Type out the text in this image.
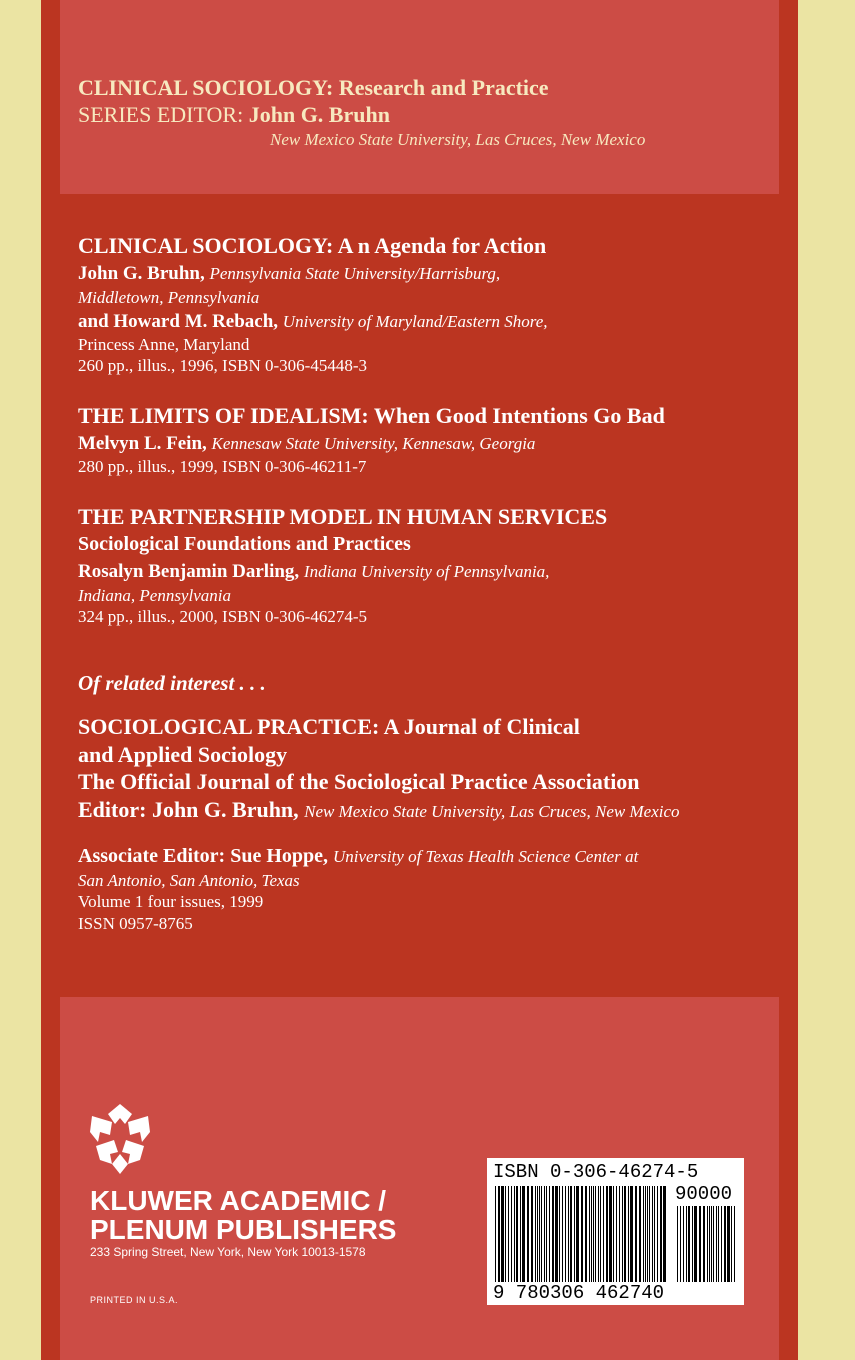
CLINICAL SOCIOLOGY: Research and Practice
SERIES EDITOR: John G. Bruhn
New Mexico State University, Las Cruces, New Mexico
CLINICAL SOCIOLOGY: A n Agenda for Action
John G. Bruhn, Pennsylvania State University/Harrisburg,
Middletown, Pennsylvania
and Howard M. Rebach, University of Maryland/Eastern Shore,
Princess Anne, Maryland
260 pp., illus., 1996, ISBN 0-306-45448-3
THE LIMITS OF IDEALISM: When Good Intentions Go Bad
Melvyn L. Fein, Kennesaw State University, Kennesaw, Georgia
280 pp., illus., 1999, ISBN 0-306-46211-7
THE PARTNERSHIP MODEL IN HUMAN SERVICES
Sociological Foundations and Practices
Rosalyn Benjamin Darling, Indiana University of Pennsylvania,
Indiana, Pennsylvania
324 pp., illus., 2000, ISBN 0-306-46274-5
Of related interest . . .
SOCIOLOGICAL PRACTICE: A Journal of Clinical
and Applied Sociology
The Official Journal of the Sociological Practice Association
Editor: John G. Bruhn, New Mexico State University, Las Cruces, New Mexico
Associate Editor: Sue Hoppe, University of Texas Health Science Center at
San Antonio, San Antonio, Texas
Volume 1 four issues, 1999
ISSN 0957-8765
KLUWER ACADEMIC /
PLENUM PUBLISHERS
233 Spring Street, New York, New York 10013-1578
PRINTED IN U.S.A.
ISBN 0-306-46274-5
90000
9 780306 462740
